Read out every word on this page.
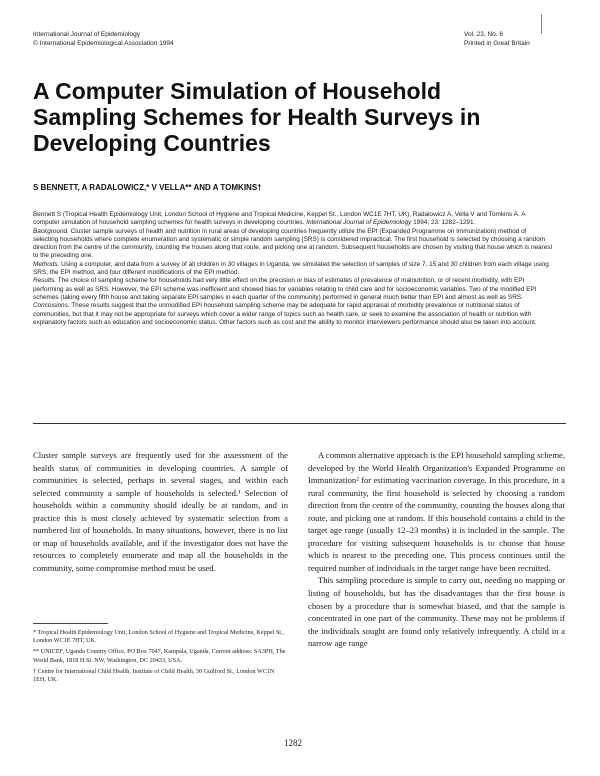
International Journal of Epidemiology
© International Epidemiological Association 1994
Vol. 23, No. 6
Printed in Great Britain
A Computer Simulation of Household Sampling Schemes for Health Surveys in Developing Countries
S BENNETT, A RADALOWICZ,* V VELLA** AND A TOMKINS†

Bennett S (Tropical Health Epidemiology Unit, London School of Hygiene and Tropical Medicine, Keppel St., London WC1E 7HT, UK), Radalowicz A, Vella V and Tomkins A. A computer simulation of household sampling schemes for health surveys in developing countries. International Journal of Epidemiology 1994; 23: 1282–1291.

Background. Cluster sample surveys of health and nutrition in rural areas of developing countries frequently utilize the EPI (Expanded Programme on Immunization) method of selecting households where complete enumeration and systematic or simple random sampling (SRS) is considered impractical. The first household is selected by choosing a random direction from the centre of the community, counting the houses along that route, and picking one at random. Subsequent households are chosen by visiting that house which is nearest to the preceding one.

Methods. Using a computer, and data from a survey of all children in 30 villages in Uganda, we simulated the selection of samples of size 7, 15 and 30 children from each village using SRS, the EPI method, and four different modifications of the EPI method.

Results. The choice of sampling scheme for households had very little effect on the precision or bias of estimates of prevalence of malnutrition, or of recent morbidity, with EPI performing as well as SRS. However, the EPI scheme was inefficient and showed bias for variables relating to child care and for socioeconomic variables. Two of the modified EPI schemes (taking every fifth house and taking separate EPI samples in each quarter of the community) performed in general much better than EPI and almost as well as SRS.

Conclusions. These results suggest that the unmodified EPI household sampling scheme may be adequate for rapid appraisal of morbidity prevalence or nutritional status of communities, but that it may not be appropriate for surveys which cover a wider range of topics such as health care, or seek to examine the association of health or nutrition with explanatory factors such as education and socioeconomic status. Other factors such as cost and the ability to monitor interviewers performance should also be taken into account.

Cluster sample surveys are frequently used for the assessment of the health status of communities in developing countries. A sample of communities is selected, perhaps in several stages, and within each selected community a sample of households is selected.¹ Selection of households within a community should ideally be at random, and in practice this is most closely achieved by systematic selection from a numbered list of households. In many situations, however, there is no list or map of households available, and if the investigator does not have the resources to completely enumerate and map all the households in the community, some compromise method must be used.

A common alternative approach is the EPI household sampling scheme, developed by the World Health Organization's Expanded Programme on Immunization² for estimating vaccination coverage. In this procedure, in a rural community, the first household is selected by choosing a random direction from the centre of the community, counting the houses along that route, and picking one at random. If this household contains a child in the target age range (usually 12–23 months) it is included in the sample. The procedure for visiting subsequent households is to choose that house which is nearest to the preceding one. This process continues until the required number of individuals in the target range have been recruited.

This sampling procedure is simple to carry out, needing no mapping or listing of households, but has the disadvantages that the first house is chosen by a procedure that is somewhat biased, and that the sample is concentrated in one part of the community. These may not be problems if the individuals sought are found only relatively infrequently. A child in a narrow age range

* Tropical Health Epidemiology Unit, London School of Hygiene and Tropical Medicine, Keppel St., London WC1E 7HT, UK.

** UNICEF, Uganda Country Office, PO Box 7047, Kampala, Uganda. Current address: SA3PH, The World Bank, 1818 H St. NW, Washington, DC 20433, USA.

† Centre for International Child Health, Institute of Child Health, 30 Guilford St., London WC1N 1EH, UK.

1282
